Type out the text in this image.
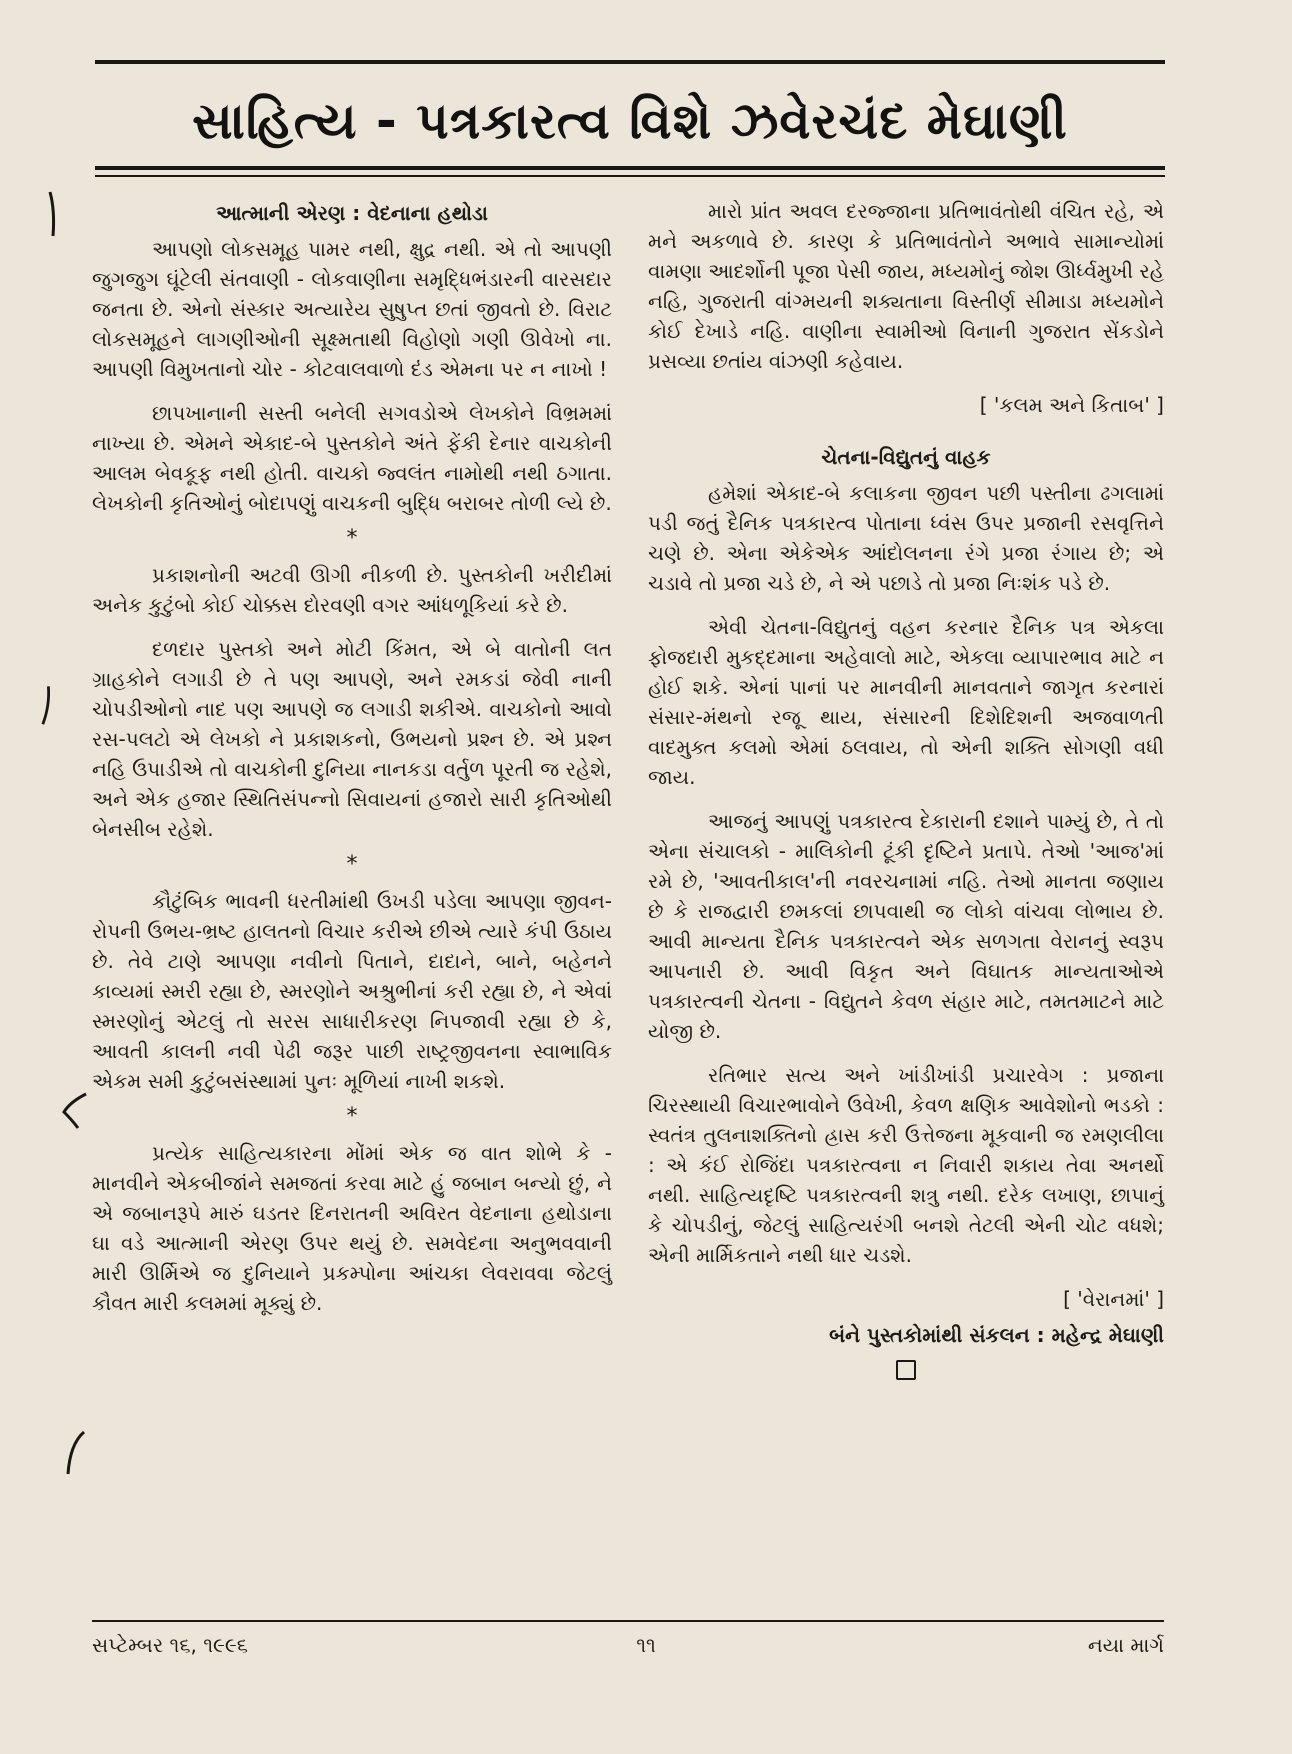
સાહિત્ય - પત્રકારત્વ વિશે ઝવેરચંદ મેઘાણી
આત્માની એરણ : વેદનાના હથોડા

આપણો લોકસમૂહ પામર નથી, ક્ષુદ્ર નથી. એ તો આપણી જુગજુગ ઘૂંટેલી સંતવાણી - લોકવાણીના સમૃદ્ધિભંડારની વારસદાર જનતા છે. એનો સંસ્કાર અત્યારેય સુષુપ્ત છતાં જીવતો છે. વિરાટ લોકસમૂહને લાગણીઓની સૂક્ષ્મતાથી વિહોણો ગણી ઊવેખો ના. આપણી વિમુખતાનો ચોર - કોટવાલવાળો દંડ એમના પર ન નાખો !

છાપખાનાની સસ્તી બનેલી સગવડોએ લેખકોને વિભ્રમમાં નાખ્યા છે. એમને એકાદ-બે પુસ્તકોને અંતે ફેંકી દેનાર વાચકોની આલમ બેવકૂફ નથી હોતી. વાચકો જ્વલંત નામોથી નથી ઠગાતા. લેખકોની કૃતિઓનું બોદાપણું વાચકની બુદ્ધિ બરાબર તોળી લ્યે છે.

*

પ્રકાશનોની અટવી ઊગી નીકળી છે. પુસ્તકોની ખરીદીમાં અનેક કુટુંબો કોઈ ચોક્કસ દોરવણી વગર આંધળૂકિયાં કરે છે.

દળદાર પુસ્તકો અને મોટી કિંમત, એ બે વાતોની લત ગ્રાહકોને લગાડી છે તે પણ આપણે, અને રમકડાં જેવી નાની ચોપડીઓનો નાદ પણ આપણે જ લગાડી શકીએ. વાચકોનો આવો રસ-પલટો એ લેખકો ને પ્રકાશકનો, ઉભયનો પ્રશ્ન છે. એ પ્રશ્ન નહિ ઉપાડીએ તો વાચકોની દુનિયા નાનકડા વર્તુળ પૂરતી જ રહેશે, અને એક હજાર સ્થિતિસંપન્નો સિવાયનાં હજારો સારી કૃતિઓથી બેનસીબ રહેશે.

*

કૌટુંબિક ભાવની ધરતીમાંથી ઉખડી પડેલા આપણા જીવન-રોપની ઉભય-ભ્રષ્ટ હાલતનો વિચાર કરીએ છીએ ત્યારે કંપી ઉઠાય છે. તેવે ટાણે આપણા નવીનો પિતાને, દાદાને, બાને, બહેનને કાવ્યમાં સ્મરી રહ્યા છે, સ્મરણોને અશ્રુભીનાં કરી રહ્યા છે, ને એવાં સ્મરણોનું એટલું તો સરસ સાધારીકરણ નિપજાવી રહ્યા છે કે, આવતી કાલની નવી પેઢી જરૂર પાછી રાષ્ટ્રજીવનના સ્વાભાવિક એકમ સમી કુટુંબસંસ્થામાં પુનઃ મૂળિયાં નાખી શકશે.

*

પ્રત્યેક સાહિત્યકારના મોંમાં એક જ વાત શોભે કે - માનવીને એકબીજાંને સમજતાં કરવા માટે હું જબાન બન્યો છું, ને એ જબાનરૂપે મારું ઘડતર દિનરાતની અવિરત વેદનાના હથોડાના ઘા વડે આત્માની એરણ ઉપર થયું છે. સમવેદના અનુભવવાની મારી ઊર્મિએ જ દુનિયાને પ્રકમ્પોના આંચકા લેવરાવવા જેટલું કૌવત મારી કલમમાં મૂક્યું છે.

મારો પ્રાંત અવલ દરજ્જાના પ્રતિભાવંતોથી વંચિત રહે, એ મને અકળાવે છે. કારણ કે પ્રતિભાવંતોને અભાવે સામાન્યોમાં વામણા આદર્શોની પૂજા પેસી જાય, મધ્યમોનું જોશ ઊર્ધ્વમુખી રહે નહિ, ગુજરાતી વાંગ્મયની શક્યતાના વિસ્તીર્ણ સીમાડા મધ્યમોને કોઈ દેખાડે નહિ. વાણીના સ્વામીઓ વિનાની ગુજરાત સેંકડોને પ્રસવ્યા છતાંય વાંઝણી કહેવાય.

[ 'કલમ અને કિતાબ' ]
ચેતના-વિદ્યુતનું વાહક

હમેશાં એકાદ-બે કલાકના જીવન પછી પસ્તીના ઢગલામાં પડી જતું દૈનિક પત્રકારત્વ પોતાના ધ્વંસ ઉપર પ્રજાની રસવૃત્તિને ચણે છે. એના એકેએક આંદોલનના રંગે પ્રજા રંગાય છે; એ ચડાવે તો પ્રજા ચડે છે, ને એ પછાડે તો પ્રજા નિઃશંક પડે છે.

એવી ચેતના-વિદ્યુતનું વહન કરનાર દૈનિક પત્ર એકલા ફોજદારી મુકદ્દમાના અહેવાલો માટે, એકલા વ્યાપારભાવ માટે ન હોઈ શકે. એનાં પાનાં પર માનવીની માનવતાને જાગૃત કરનારાં સંસાર-મંથનો રજૂ થાય, સંસારની દિશેદિશની અજવાળતી વાદમુક્ત કલમો એમાં ઠલવાય, તો એની શક્તિ સોગણી વધી જાય.

આજનું આપણું પત્રકારત્વ દેકારાની દશાને પામ્યું છે, તે તો એના સંચાલકો - માલિકોની ટૂંકી દૃષ્ટિને પ્રતાપે. તેઓ 'આજ'માં રમે છે, 'આવતીકાલ'ની નવરચનામાં નહિ. તેઓ માનતા જણાય છે કે રાજદ્વારી છમકલાં છાપવાથી જ લોકો વાંચવા લોભાય છે. આવી માન્યતા દૈનિક પત્રકારત્વને એક સળગતા વેરાનનું સ્વરૂપ આપનારી છે. આવી વિકૃત અને વિઘાતક માન્યતાઓએ પત્રકારત્વની ચેતના - વિદ્યુતને કેવળ સંહાર માટે, તમતમાટને માટે યોજી છે.

રતિભાર સત્ય અને ખાંડીખાંડી પ્રચારવેગ : પ્રજાના ચિરસ્થાયી વિચારભાવોને ઉવેખી, કેવળ ક્ષણિક આવેશોનો ભડકો : સ્વતંત્ર તુલનાશક્તિનો હ્રાસ કરી ઉત્તેજના મૂકવાની જ રમણલીલા : એ કંઈ રોજિંદા પત્રકારત્વના ન નિવારી શકાય તેવા અનર્થો નથી. સાહિત્યદૃષ્ટિ પત્રકારત્વની શત્રુ નથી. દરેક લખાણ, છાપાનું કે ચોપડીનું, જેટલું સાહિત્યરંગી બનશે તેટલી એની ચોટ વધશે; એની માર્મિકતાને નથી ધાર ચડશે.

[ 'વેરાનમાં' ]
બંને પુસ્તકોમાંથી સંકલન : મહેન્દ્ર મેઘાણી
સપ્ટેમ્બર ૧૬, ૧૯૯૬	૧૧	નયા માર્ગ
